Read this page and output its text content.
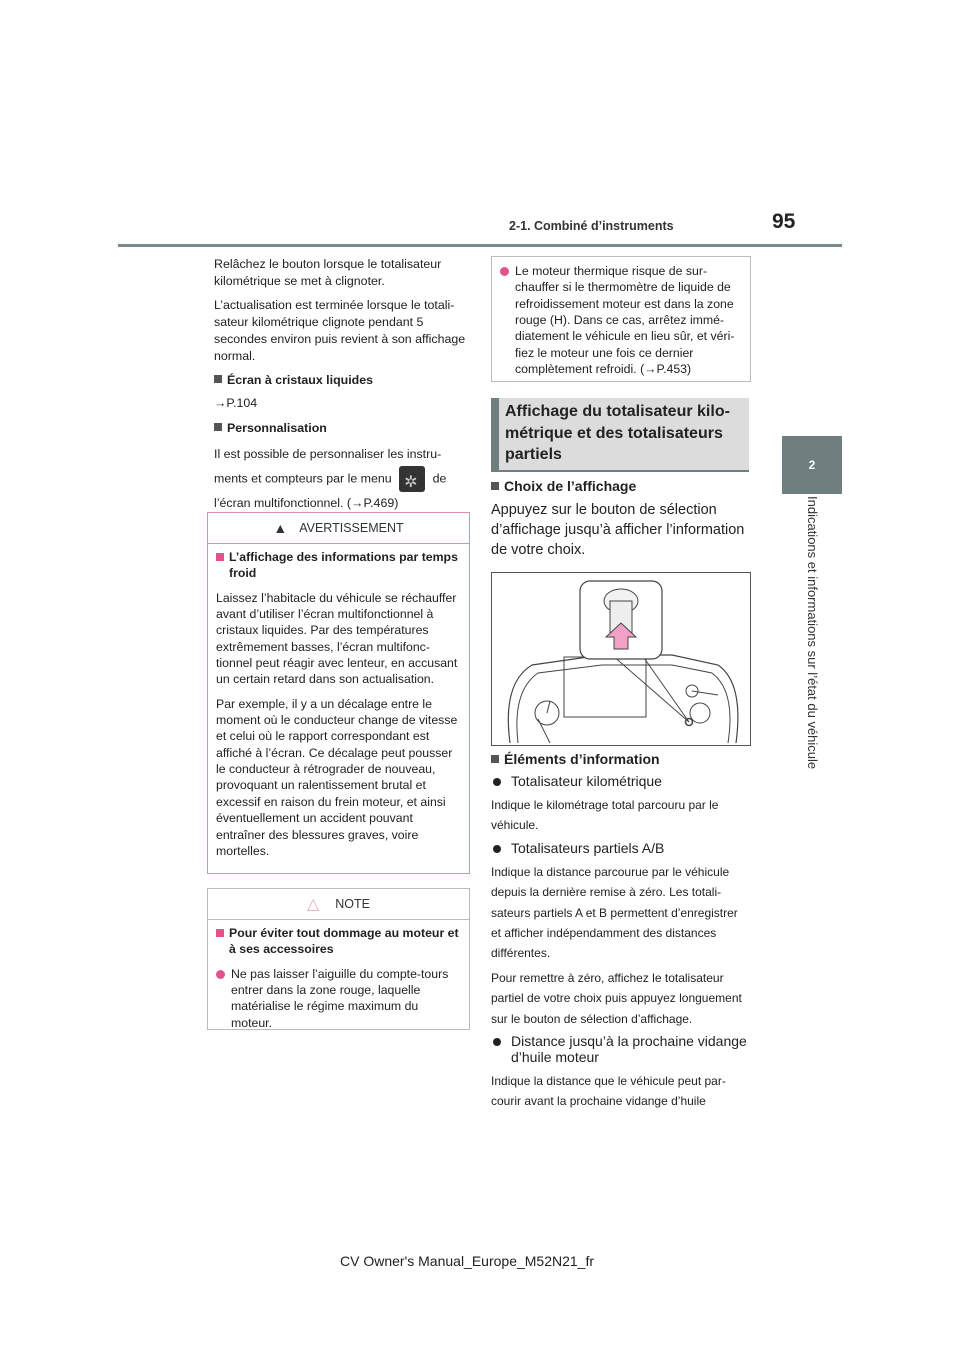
2-1. Combiné d’instruments	95
2
Indications et informations sur l’état du véhicule

Relâchez le bouton lorsque le totalisateur kilométrique se met à clignoter.

L’actualisation est terminée lorsque le totalisateur kilométrique clignote pendant 5 secondes environ puis revient à son affichage normal.

Écran à cristaux liquides

→P.104

Personnalisation

Il est possible de personnaliser les instruments et compteurs par le menu ✲	de l’écran multifonctionnel. (→P.469)

▲ AVERTISSEMENT

L’affichage des informations par temps froid

Laissez l’habitacle du véhicule se réchauffer avant d’utiliser l’écran multifonctionnel à cristaux liquides. Par des températures extrêmement basses, l’écran multifonctionnel peut réagir avec lenteur, en accusant un certain retard dans son actualisation.

Par exemple, il y a un décalage entre le moment où le conducteur change de vitesse et celui où le rapport correspondant est affiché à l’écran. Ce décalage peut pousser le conducteur à rétrograder de nouveau, provoquant un ralentissement brutal et excessif en raison du frein moteur, et ainsi éventuellement un accident pouvant entraîner des blessures graves, voire mortelles.

△ NOTE

Pour éviter tout dommage au moteur et à ses accessoires

Ne pas laisser l’aiguille du compte-tours entrer dans la zone rouge, laquelle matérialise le régime maximum du moteur.
Le moteur thermique risque de surchauffer si le thermomètre de liquide de refroidissement moteur est dans la zone rouge (H). Dans ce cas, arrêtez immédiatement le véhicule en lieu sûr, et vérifiez le moteur une fois ce dernier complètement refroidi. (→P.453)
Affichage du totalisateur kilométrique et des totalisateurs partiels
Choix de l’affichage

Appuyez sur le bouton de sélection d’affichage jusqu’à afficher l’information de votre choix.

Éléments d’information
Totalisateur kilométrique

Indique le kilométrage total parcouru par le véhicule.

Totalisateurs partiels A/B

Indique la distance parcourue par le véhicule depuis la dernière remise à zéro. Les totalisateurs partiels A et B permettent d’enregistrer et afficher indépendamment des distances différentes.

Pour remettre à zéro, affichez le totalisateur partiel de votre choix puis appuyez longuement sur le bouton de sélection d’affichage.

Distance jusqu’à la prochaine vidange d’huile moteur

Indique la distance que le véhicule peut parcourir avant la prochaine vidange d’huile

CV Owner's Manual_Europe_M52N21_fr
